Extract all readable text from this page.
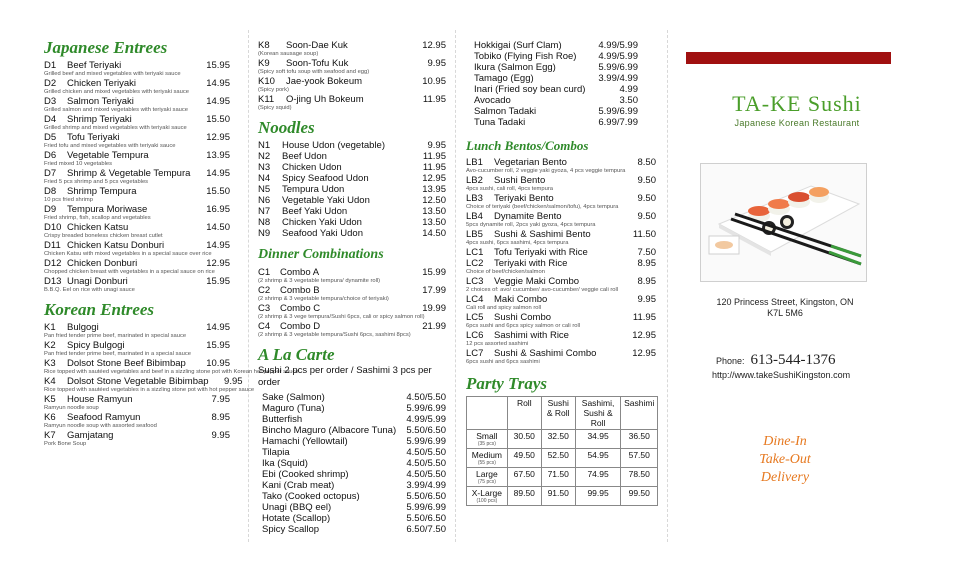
Japanese Entrees
D1	Beef Teriyaki	15.95
Grilled beef and mixed vegetables with teriyaki sauce
D2	Chicken Teriyaki	14.95
Grilled chicken and mixed vegetables with teriyaki sauce
D3	Salmon Teriyaki	14.95
Grilled salmon and mixed vegetables with teriyaki sauce
D4	Shrimp Teriyaki	15.50
Grilled shrimp and mixed vegetables with teriyaki sauce
D5	Tofu Teriyaki	12.95
Fried tofu and mixed vegetables with teriyaki sauce
D6	Vegetable Tempura	13.95
Fried mixed 10 vegetables
D7	Shrimp & Vegetable Tempura	14.95
Fried 5 pcs shrimp and 5 pcs vegetables
D8	Shrimp Tempura	15.50
10 pcs fried shrimp
D9	Tempura Moriwase	16.95
Fried shrimp, fish, scallop and vegetables
D10 Chicken Katsu	14.50
Crispy breaded boneless chicken breast cutlet
D11 Chicken Katsu Donburi	14.95
Chicken Katsu with mixed vegetables in a special sauce over rice
D12 Chicken Donburi	12.95
Chopped chicken breast with vegetables in a special sauce on rice
D13 Unagi Donburi	15.95
B.B.Q. Eel on rice with unagi sauce
Korean Entrees
K1	Bulgogi	14.95
Pan fried tender prime beef, marinated in special sauce
K2	Spicy Bulgogi	15.95
Pan fried tender prime beef, marinated in a special sauce
K3	Dolsot Stone Beef Bibimbap	10.95
Rice topped with sautéed vegetables and beef in a sizzling stone pot with Korean hot pepper sauce
K4	Dolsot Stone Vegetable Bibimbap	9.95
Rice topped with sautéed vegetables in a sizzling stone pot with hot pepper sauce
K5	House Ramyun	7.95
Ramyun noodle soup
K6	Seafood Ramyun	8.95
Ramyun noodle soup with assorted seafood
K7	Gamjatang	9.95
Pork Bone Soup
K8	Soon-Dae Kuk	12.95
(Korean sausage soup)
K9	Soon-Tofu Kuk	9.95
(Spicy soft tofu soup with seafood and egg)
K10	Jae-yook Bokeum	10.95
(Spicy pork)
K11	O-jing Uh Bokeum	11.95
(Spicy squid)
Noodles
N1	House Udon (vegetable)	9.95
N2	Beef Udon	11.95
N3	Chicken Udon	11.95
N4	Spicy Seafood Udon	12.95
N5	Tempura Udon	13.95
N6	Vegetable Yaki Udon	12.50
N7	Beef Yaki Udon	13.50
N8	Chicken Yaki Udon	13.50
N9	Seafood Yaki Udon	14.50
Dinner Combinations
C1	Combo A	15.99
(2 shrimp & 3 vegetable tempura/ dynamite roll)
C2	Combo B	17.99
(2 shrimp & 3 vegetable tempura/choice of teriyaki)
C3	Combo C	19.99
(2 shrimp & 3 vege tempura/Sushi 6pcs, cali or spicy salmon roll)
C4	Combo D	21.99
(2 shrimp & 3 vegetable tempura/Sushi 6pcs, sashimi 8pcs)
A La Carte
Sushi 2 pcs per order / Sashimi 3 pcs per order
Sake (Salmon)	4.50/5.50
Maguro (Tuna)	5.99/6.99
Butterfish	4.99/5.99
Bincho Maguro (Albacore Tuna)	5.50/6.50
Hamachi (Yellowtail)	5.99/6.99
Tilapia	4.50/5.50
Ika (Squid)	4.50/5.50
Ebi (Cooked shrimp)	4.50/5.50
Kani (Crab meat)	3.99/4.99
Tako (Cooked octopus)	5.50/6.50
Unagi (BBQ eel)	5.99/6.99
Hotate (Scallop)	5.50/6.50
Spicy Scallop	6.50/7.50
Hokkigai (Surf Clam)	4.99/5.99
Tobiko (Flying Fish Roe)	4.99/5.99
Ikura (Salmon Egg)	5.99/6.99
Tamago (Egg)	3.99/4.99
Inari (Fried soy bean curd)	4.99
Avocado	3.50
Salmon Tadaki	5.99/6.99
Tuna Tadaki	6.99/7.99
Lunch Bentos/Combos
LB1	Vegetarian Bento	8.50
Avo-cucumber roll, 2 veggie yaki gyoza, 4 pcs veggie tempura
LB2	Sushi Bento	9.50
4pcs sushi, cali roll, 4pcs tempura
LB3	Teriyaki Bento	9.50
Choice of teriyaki (beef/chicken/salmon/tofu), 4pcs tempura
LB4	Dynamite Bento	9.50
5pcs dynamite roll, 2pcs yaki gyoza, 4pcs tempura
LB5	Sushi & Sashimi Bento	11.50
4pcs sushi, 6pcs sashimi, 4pcs tempura
LC1	Tofu Teriyaki with Rice	7.50
LC2	Teriyaki with Rice	8.95
Choice of beef/chicken/salmon
LC3	Veggie Maki Combo	8.95
2 choices of: avo/ cucumber/ avo-cucumber/ veggie cali roll
LC4	Maki Combo	9.95
Cali roll and spicy salmon roll
LC5	Sushi Combo	11.95
6pcs sushi and 6pcs spicy salmon or cali roll
LC6	Sashimi with Rice	12.95
12 pcs assorted sashimi
LC7	Sushi & Sashimi Combo	12.95
6pcs sushi and 6pcs sashimi
Party Trays
	Roll	Sushi & Roll	Sashimi, Sushi & Roll	Sashimi
Small
(35 pcs)	30.50	32.50	34.95	36.50
Medium
(55 pcs)	49.50	52.50	54.95	57.50
Large
(75 pcs)	67.50	71.50	74.95	78.50
X-Large
(100 pcs)	89.50	91.50	99.95	99.50
TA-KE Sushi
Japanese Korean Restaurant
120 Princess Street, Kingston, ON
K7L 5M6
Phone: 613-544-1376
http://www.takeSushiKingston.com
Dine-In
Take-Out
Delivery
